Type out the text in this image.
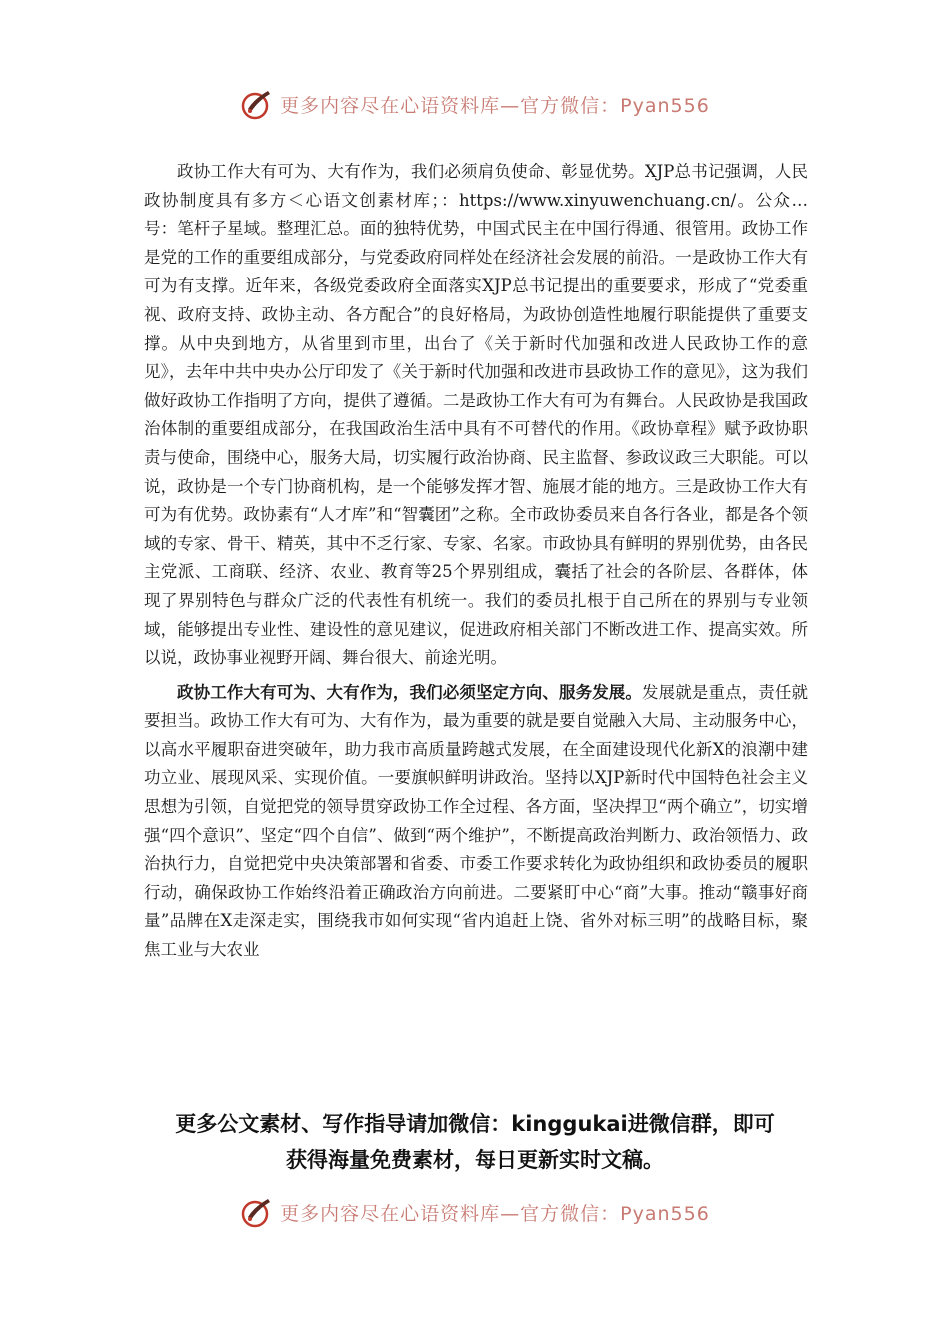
更多内容尽在心语资料库—官方微信：Pyan556

政协工作大有可为、大有作为，我们必须肩负使命、彰显优势。XJP总书记强调，人民政协制度具有多方＜心语文创素材库；：https://www.xinyuwenchuang.cn/。公众…号：笔杆子星域。整理汇总。面的独特优势，中国式民主在中国行得通、很管用。政协工作是党的工作的重要组成部分，与党委政府同样处在经济社会发展的前沿。一是政协工作大有可为有支撑。近年来，各级党委政府全面落实XJP总书记提出的重要要求，形成了“党委重视、政府支持、政协主动、各方配合”的良好格局，为政协创造性地履行职能提供了重要支撑。从中央到地方，从省里到市里，出台了《关于新时代加强和改进人民政协工作的意见》，去年中共中央办公厅印发了《关于新时代加强和改进市县政协工作的意见》，这为我们做好政协工作指明了方向，提供了遵循。二是政协工作大有可为有舞台。人民政协是我国政治体制的重要组成部分，在我国政治生活中具有不可替代的作用。《政协章程》赋予政协职责与使命，围绕中心，服务大局，切实履行政治协商、民主监督、参政议政三大职能。可以说，政协是一个专门协商机构，是一个能够发挥才智、施展才能的地方。三是政协工作大有可为有优势。政协素有“人才库”和“智囊团”之称。全市政协委员来自各行各业，都是各个领域的专家、骨干、精英，其中不乏行家、专家、名家。市政协具有鲜明的界别优势，由各民主党派、工商联、经济、农业、教育等25个界别组成，囊括了社会的各阶层、各群体，体现了界别特色与群众广泛的代表性有机统一。我们的委员扎根于自己所在的界别与专业领域，能够提出专业性、建设性的意见建议，促进政府相关部门不断改进工作、提高实效。所以说，政协事业视野开阔、舞台很大、前途光明。

政协工作大有可为、大有作为，我们必须坚定方向、服务发展。发展就是重点，责任就要担当。政协工作大有可为、大有作为，最为重要的就是要自觉融入大局、主动服务中心，以高水平履职奋进突破年，助力我市高质量跨越式发展，在全面建设现代化新X的浪潮中建功立业、展现风采、实现价值。一要旗帜鲜明讲政治。坚持以XJP新时代中国特色社会主义思想为引领，自觉把党的领导贯穿政协工作全过程、各方面，坚决捍卫“两个确立”，切实增强“四个意识”、坚定“四个自信”、做到“两个维护”，不断提高政治判断力、政治领悟力、政治执行力，自觉把党中央决策部署和省委、市委工作要求转化为政协组织和政协委员的履职行动，确保政协工作始终沿着正确政治方向前进。二要紧盯中心“商”大事。推动“赣事好商量”品牌在X走深走实，围绕我市如何实现“省内追赶上饶、省外对标三明”的战略目标，聚焦工业与大农业

更多公文素材、写作指导请加微信：kinggukai进微信群，即可
获得海量免费素材，每日更新实时文稿。
更多内容尽在心语资料库—官方微信：Pyan556
